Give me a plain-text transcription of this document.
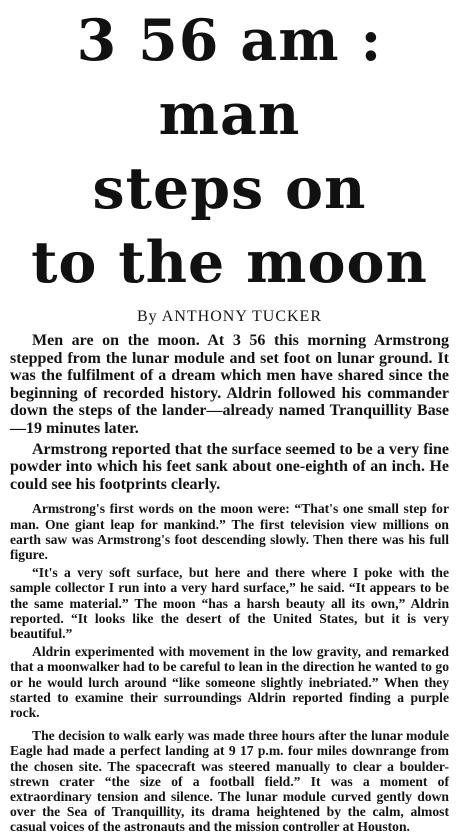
3 56 am : man
steps on
to the moon
By ANTHONY TUCKER

Men are on the moon. At 3 56 this morning Armstrong stepped from the lunar module and set foot on lunar ground. It was the fulfilment of a dream which men have shared since the beginning of recorded history. Aldrin followed his commander down the steps of the lander—already named Tranquillity Base—19 minutes later.

Armstrong reported that the surface seemed to be a very fine powder into which his feet sank about one-eighth of an inch. He could see his footprints clearly.

Armstrong's first words on the moon were: “That's one small step for man. One giant leap for mankind.” The first television view millions on earth saw was Armstrong's foot descending slowly. Then there was his full figure.

“It's a very soft surface, but here and there where I poke with the sample collector I run into a very hard surface,” he said. “It appears to be the same material.” The moon “has a harsh beauty all its own,” Aldrin reported. “It looks like the desert of the United States, but it is very beautiful.”

Aldrin experimented with movement in the low gravity, and remarked that a moonwalker had to be careful to lean in the direction he wanted to go or he would lurch around “like someone slightly inebriated.” When they started to examine their surroundings Aldrin reported finding a purple rock.

The decision to walk early was made three hours after the lunar module Eagle had made a perfect landing at 9 17 p.m. four miles downrange from the chosen site. The spacecraft was steered manually to clear a boulder-strewn crater “the size of a football field.” It was a moment of extraordinary tension and silence. The lunar module curved gently down over the Sea of Tranquillity, its drama heightened by the calm, almost casual voices of the astronauts and the mission controller at Houston.
